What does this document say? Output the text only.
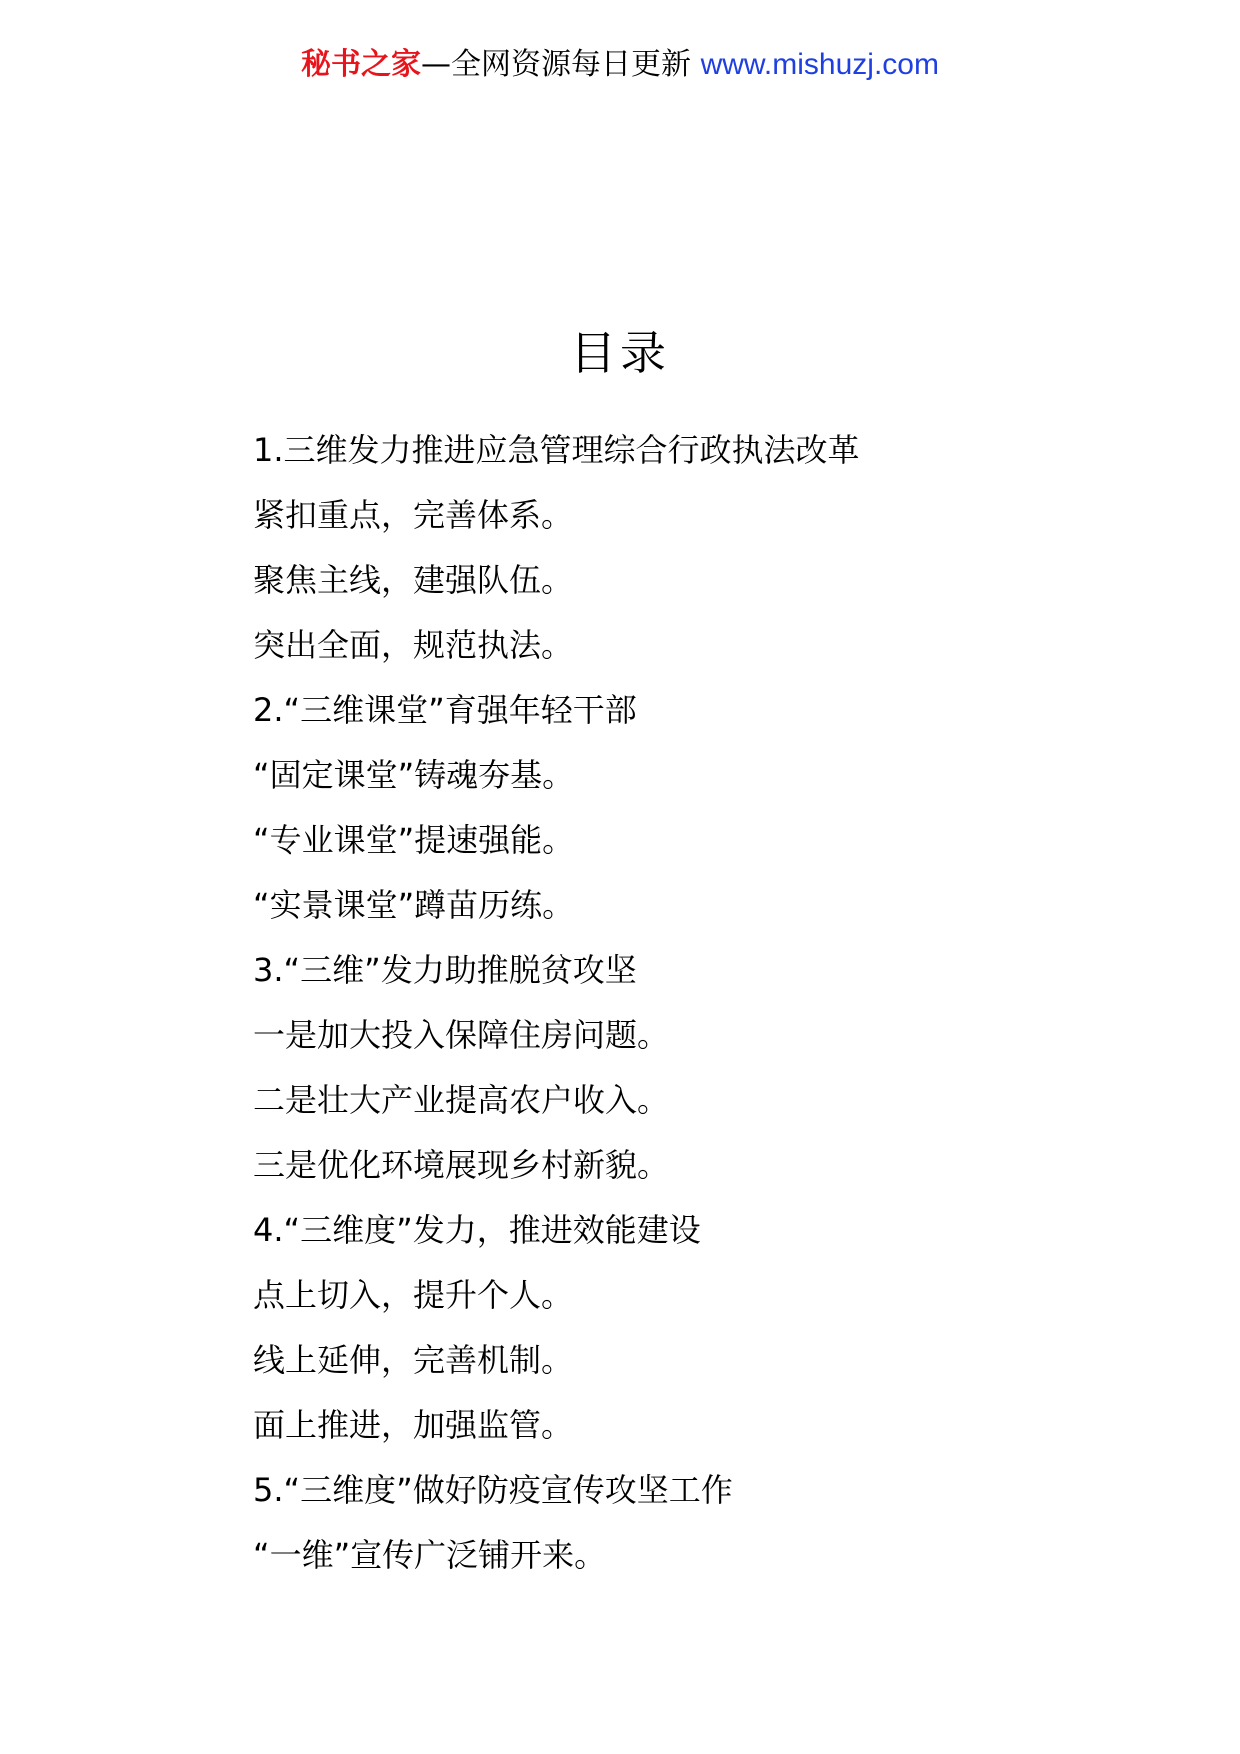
秘书之家—全网资源每日更新 www.mishuzj.com
目录
1.三维发力推进应急管理综合行政执法改革
紧扣重点，完善体系。
聚焦主线，建强队伍。
突出全面，规范执法。
2.“三维课堂”育强年轻干部
“固定课堂”铸魂夯基。
“专业课堂”提速强能。
“实景课堂”蹲苗历练。
3.“三维”发力助推脱贫攻坚
一是加大投入保障住房问题。
二是壮大产业提高农户收入。
三是优化环境展现乡村新貌。
4.“三维度”发力，推进效能建设
点上切入，提升个人。
线上延伸，完善机制。
面上推进，加强监管。
5.“三维度”做好防疫宣传攻坚工作
“一维”宣传广泛铺开来。
